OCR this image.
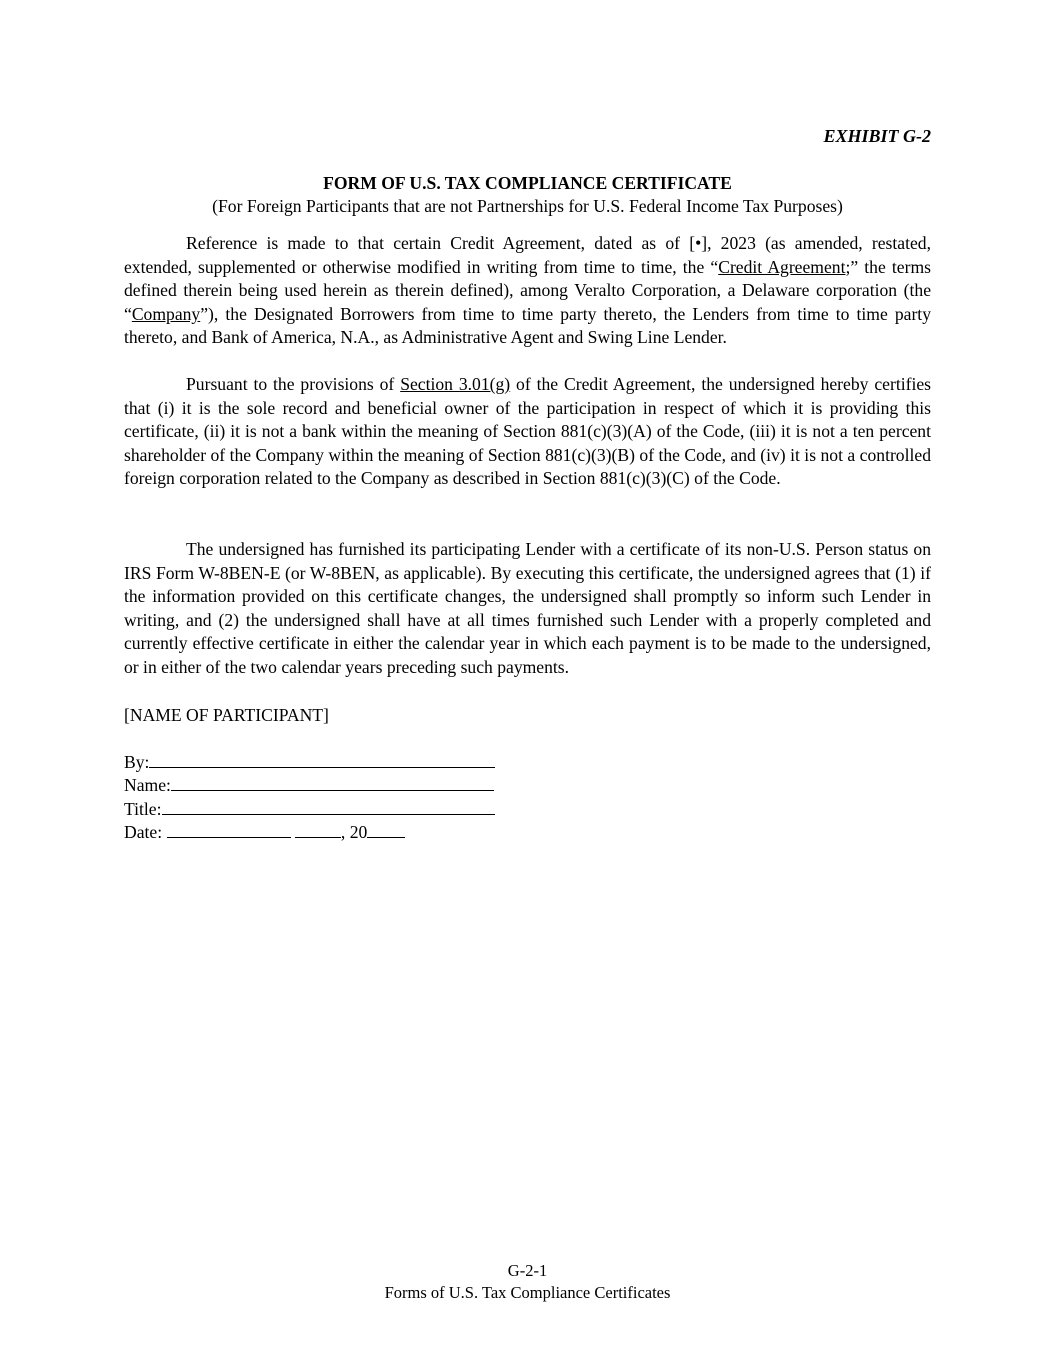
EXHIBIT G-2
FORM OF U.S. TAX COMPLIANCE CERTIFICATE
(For Foreign Participants that are not Partnerships for U.S. Federal Income Tax Purposes)

Reference is made to that certain Credit Agreement, dated as of [•], 2023 (as amended, restated, extended, supplemented or otherwise modified in writing from time to time, the “Credit Agreement;” the terms defined therein being used herein as therein defined), among Veralto Corporation, a Delaware corporation (the “Company”), the Designated Borrowers from time to time party thereto, the Lenders from time to time party thereto, and Bank of America, N.A., as Administrative Agent and Swing Line Lender.

Pursuant to the provisions of Section 3.01(g) of the Credit Agreement, the undersigned hereby certifies that (i) it is the sole record and beneficial owner of the participation in respect of which it is providing this certificate, (ii) it is not a bank within the meaning of Section 881(c)(3)(A) of the Code, (iii) it is not a ten percent shareholder of the Company within the meaning of Section 881(c)(3)(B) of the Code, and (iv) it is not a controlled foreign corporation related to the Company as described in Section 881(c)(3)(C) of the Code.

The undersigned has furnished its participating Lender with a certificate of its non-U.S. Person status on IRS Form W-8BEN-E (or W-8BEN, as applicable). By executing this certificate, the undersigned agrees that (1) if the information provided on this certificate changes, the undersigned shall promptly so inform such Lender in writing, and (2) the undersigned shall have at all times furnished such Lender with a properly completed and currently effective certificate in either the calendar year in which each payment is to be made to the undersigned, or in either of the two calendar years preceding such payments.

[NAME OF PARTICIPANT]
By:
Name:
Title:
Date:	, 20
G-2-1
Forms of U.S. Tax Compliance Certificates
